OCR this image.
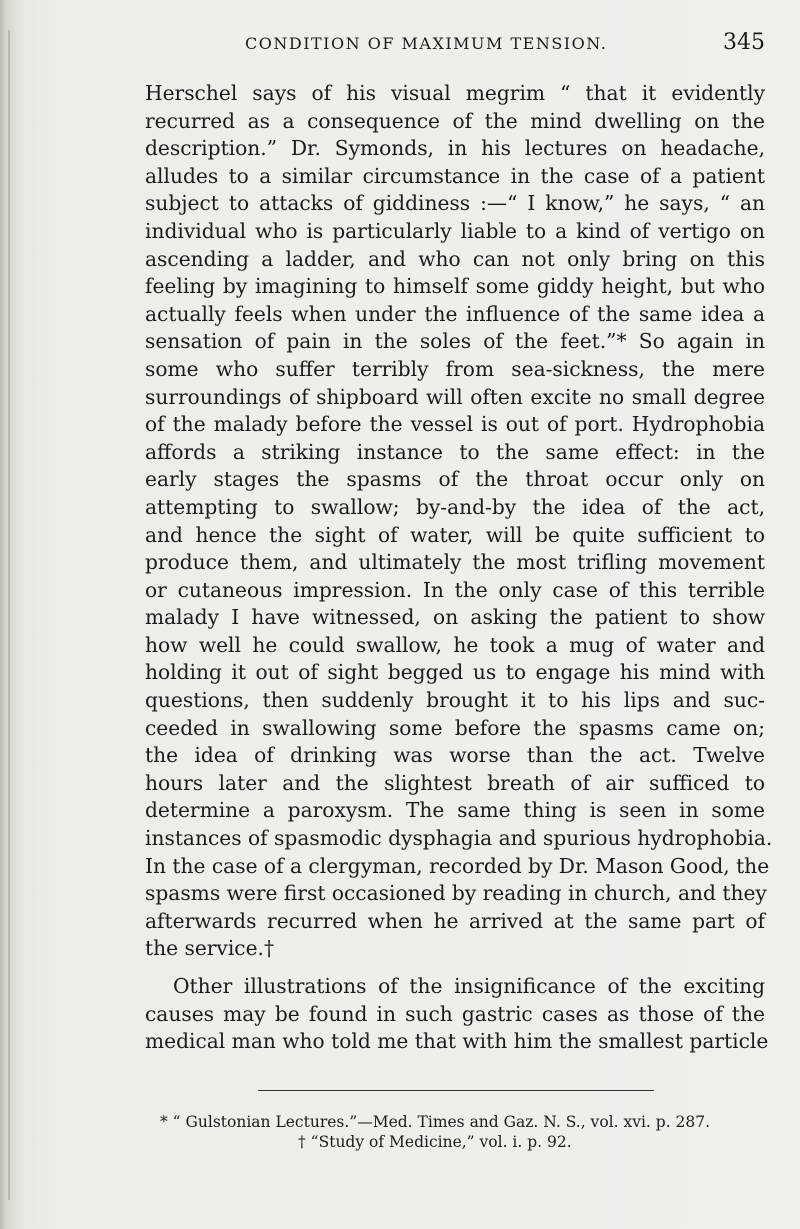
CONDITION OF MAXIMUM TENSION.	345
Herschel says of his visual megrim “ that it evidently
recurred as a consequence of the mind dwelling on the
description.” Dr. Symonds, in his lectures on headache,
alludes to a similar circumstance in the case of a patient
subject to attacks of giddiness :—“ I know,” he says, “ an
individual who is particularly liable to a kind of vertigo on
ascending a ladder, and who can not only bring on this
feeling by imagining to himself some giddy height, but who
actually feels when under the influence of the same idea a
sensation of pain in the soles of the feet.”* So again in
some who suffer terribly from sea-sickness, the mere
surroundings of shipboard will often excite no small degree
of the malady before the vessel is out of port. Hydrophobia
affords a striking instance to the same effect: in the
early stages the spasms of the throat occur only on
attempting to swallow; by-and-by the idea of the act,
and hence the sight of water, will be quite sufficient to
produce them, and ultimately the most trifling movement
or cutaneous impression. In the only case of this terrible
malady I have witnessed, on asking the patient to show
how well he could swallow, he took a mug of water and
holding it out of sight begged us to engage his mind with
questions, then suddenly brought it to his lips and suc-
ceeded in swallowing some before the spasms came on;
the idea of drinking was worse than the act. Twelve
hours later and the slightest breath of air sufficed to
determine a paroxysm. The same thing is seen in some
instances of spasmodic dysphagia and spurious hydrophobia.
In the case of a clergyman, recorded by Dr. Mason Good, the
spasms were first occasioned by reading in church, and they
afterwards recurred when he arrived at the same part of
the service.†
Other illustrations of the insignificance of the exciting
causes may be found in such gastric cases as those of the
medical man who told me that with him the smallest particle
* “ Gulstonian Lectures.”—Med. Times and Gaz. N. S., vol. xvi. p. 287.
† “Study of Medicine,” vol. i. p. 92.
